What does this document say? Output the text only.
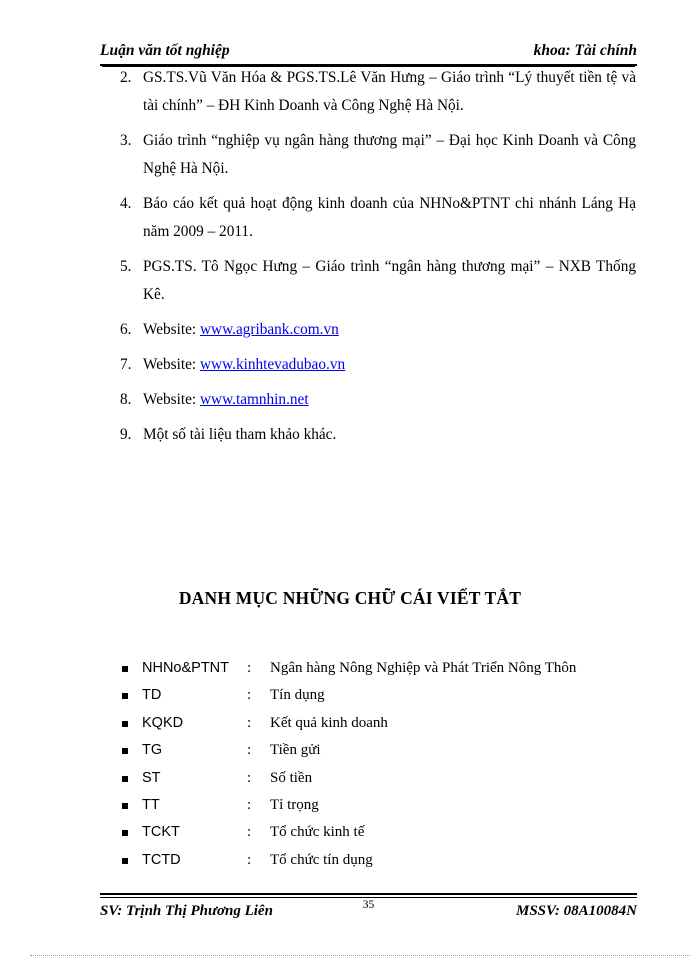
Luận văn tốt nghiệp	khoa: Tài chính
2. GS.TS.Vũ Văn Hóa & PGS.TS.Lê Văn Hưng – Giáo trình “Lý thuyết tiền tệ và tài chính” – ĐH Kinh Doanh và Công Nghệ Hà Nội.
3. Giáo trình “nghiệp vụ ngân hàng thương mại” – Đại học Kinh Doanh và Công Nghệ Hà Nội.
4. Báo cáo kết quả hoạt động kinh doanh của NHNo&PTNT chi nhánh Láng Hạ năm 2009 – 2011.
5. PGS.TS. Tô Ngọc Hưng – Giáo trình “ngân hàng thương mại” – NXB Thống Kê.
6. Website: www.agribank.com.vn
7. Website: www.kinhtevadubao.vn
8. Website: www.tamnhin.net
9. Một số tài liệu tham khảo khác.
DANH MỤC NHỮNG CHỮ CÁI VIẾT TẮT
NHNo&PTNT : Ngân hàng Nông Nghiệp và Phát Triển Nông Thôn
TD	: Tín dụng
KQKD	: Kết quả kinh doanh
TG	: Tiền gửi
ST	: Số tiền
TT	: Tỉ trọng
TCKT	: Tổ chức kinh tế
TCTD	: Tổ chức tín dụng
SV: Trịnh Thị Phương Liên	35	MSSV: 08A10084N
